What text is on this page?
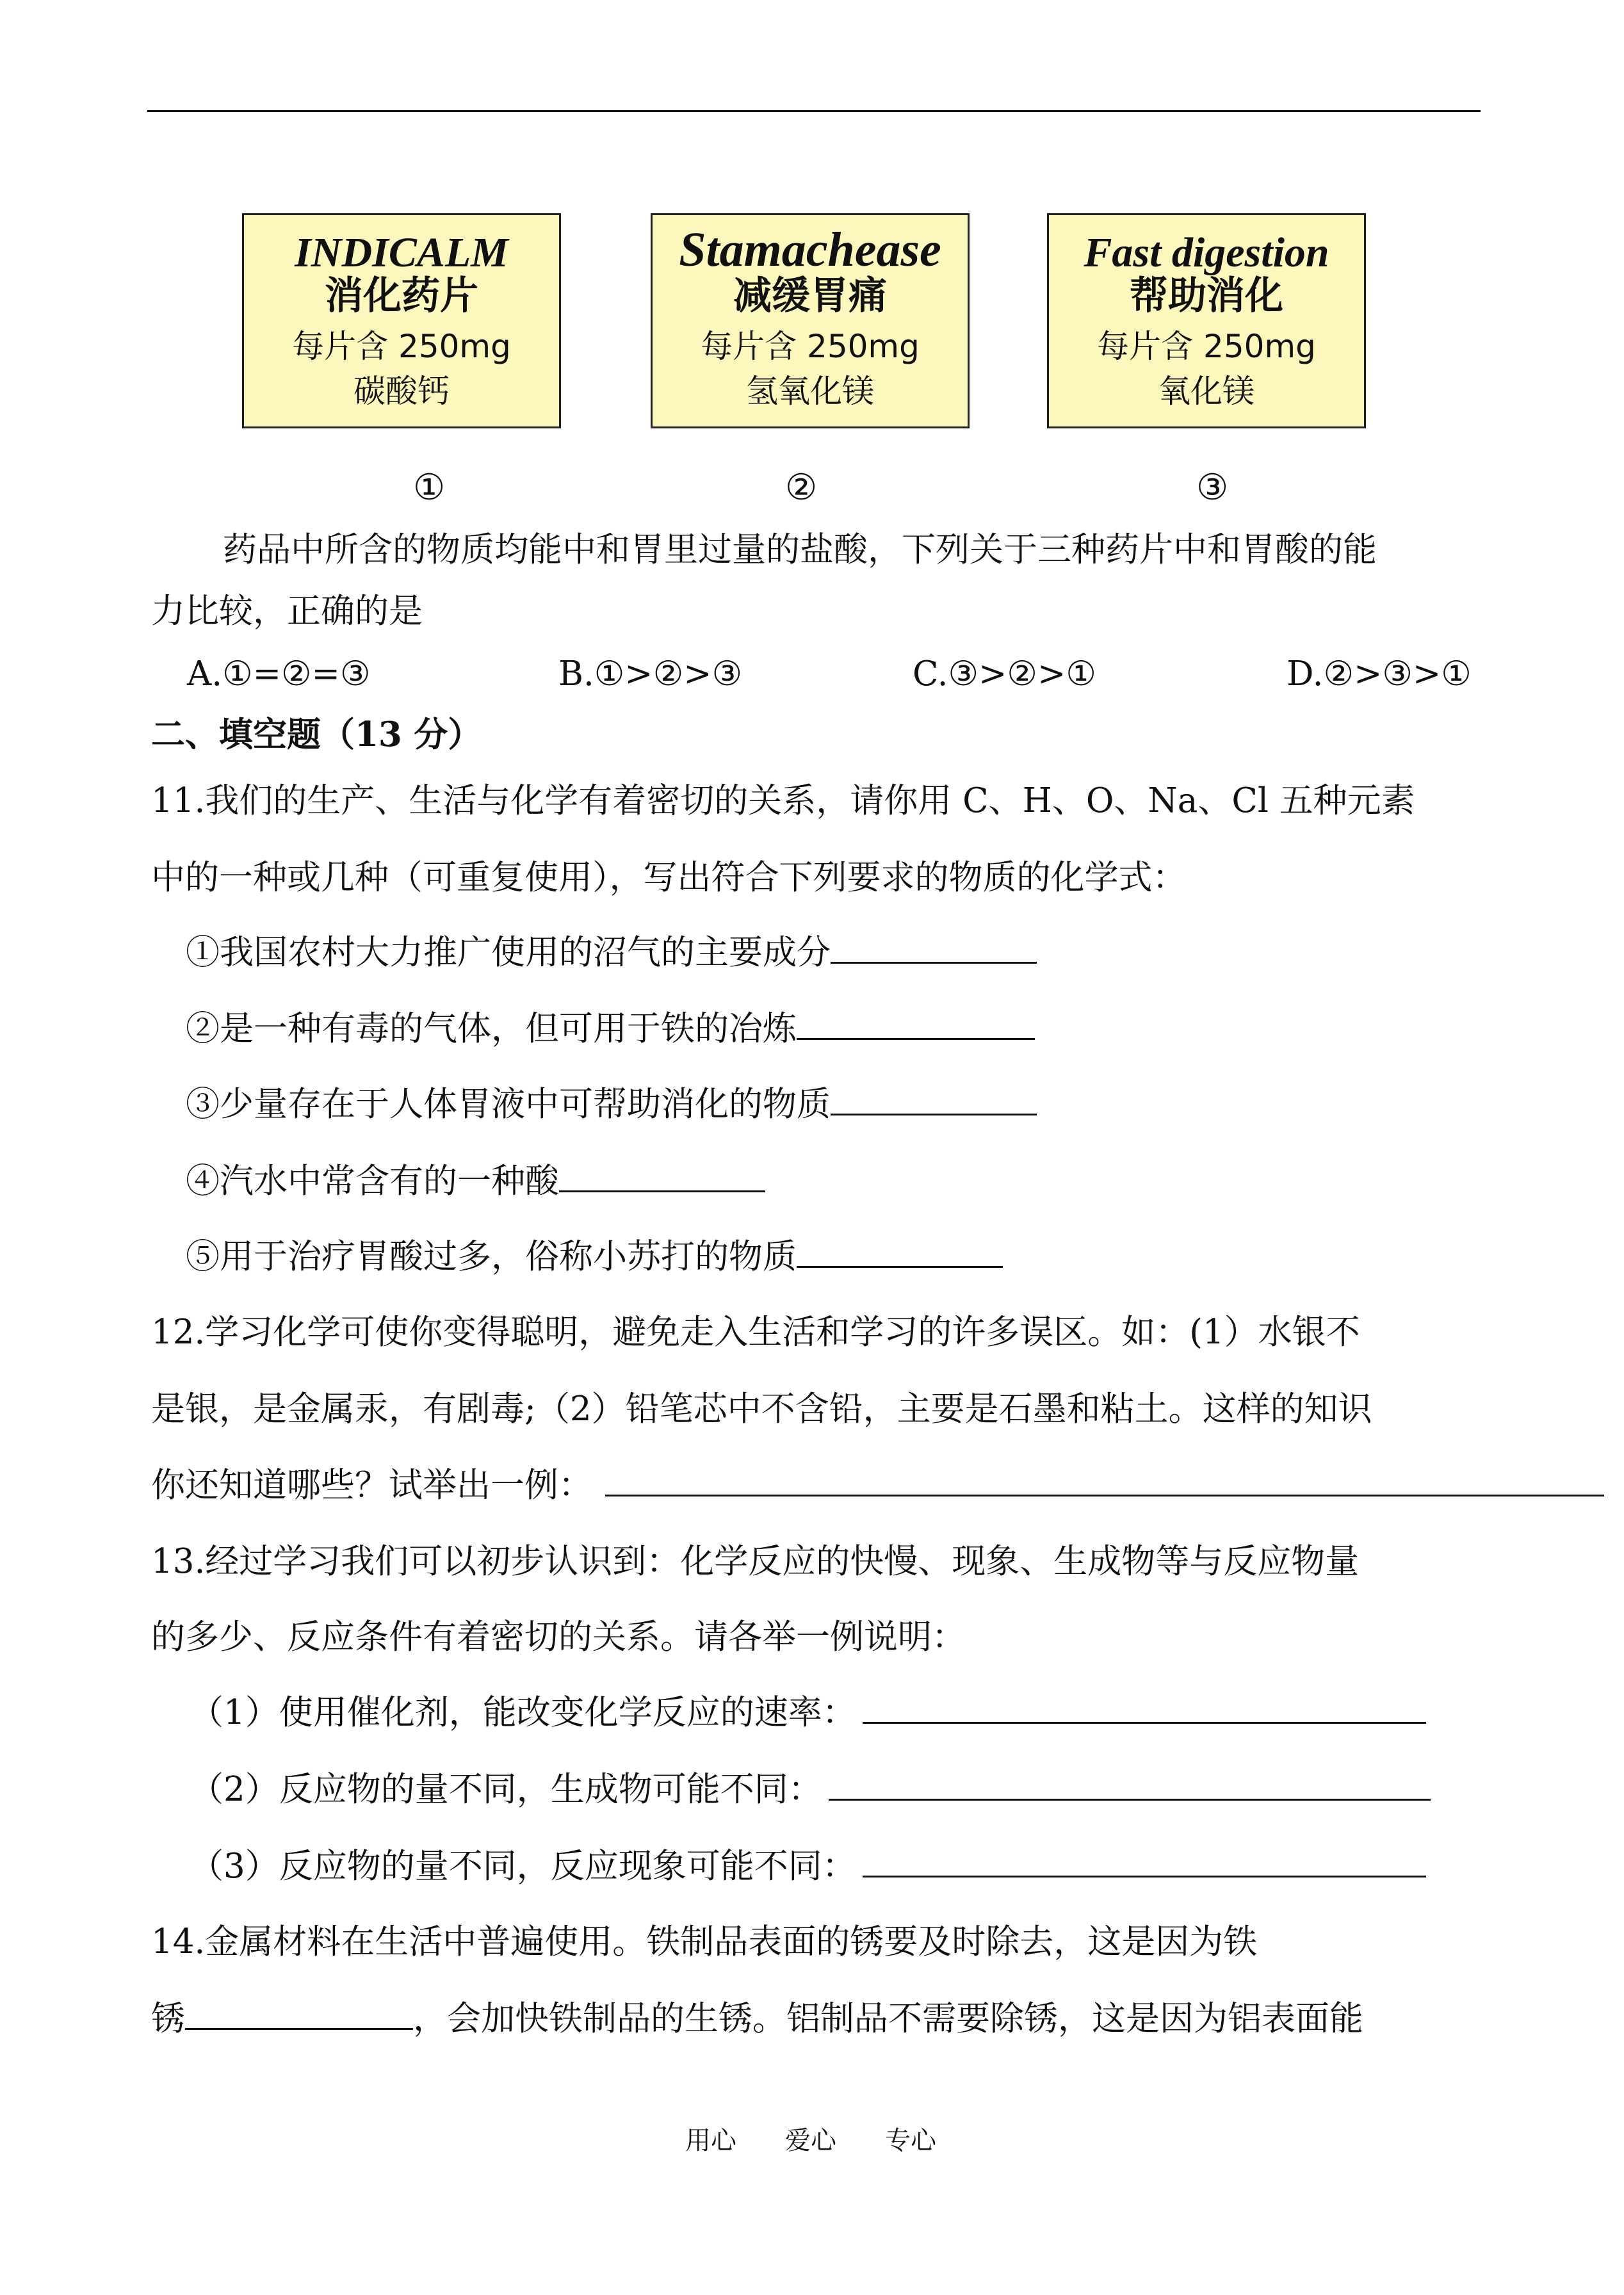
INDICALM
消化药片
每片含 250mg
碳酸钙
Stamachease
减缓胃痛
每片含 250mg
氢氧化镁
Fast digestion
帮助消化
每片含 250mg
氧化镁
①	②	③
药品中所含的物质均能中和胃里过量的盐酸，下列关于三种药片中和胃酸的能
力比较，正确的是
A.①=②=③	B.①>②>③	C.③>②>①	D.②>③>①
二、填空题（13 分）
11.我们的生产、生活与化学有着密切的关系，请你用 C、H、O、Na、Cl 五种元素
中的一种或几种（可重复使用），写出符合下列要求的物质的化学式：
①我国农村大力推广使用的沼气的主要成分
②是一种有毒的气体，但可用于铁的冶炼
③少量存在于人体胃液中可帮助消化的物质
④汽水中常含有的一种酸
⑤用于治疗胃酸过多，俗称小苏打的物质
12.学习化学可使你变得聪明，避免走入生活和学习的许多误区。如：(1）水银不
是银，是金属汞，有剧毒;（2）铅笔芯中不含铅，主要是石墨和粘土。这样的知识
你还知道哪些？试举出一例：
13.经过学习我们可以初步认识到：化学反应的快慢、现象、生成物等与反应物量
的多少、反应条件有着密切的关系。请各举一例说明：
（1）使用催化剂，能改变化学反应的速率：
（2）反应物的量不同，生成物可能不同：
（3）反应物的量不同，反应现象可能不同：
14.金属材料在生活中普遍使用。铁制品表面的锈要及时除去，这是因为铁
锈	，会加快铁制品的生锈。铝制品不需要除锈，这是因为铝表面能
用心 爱心 专心
